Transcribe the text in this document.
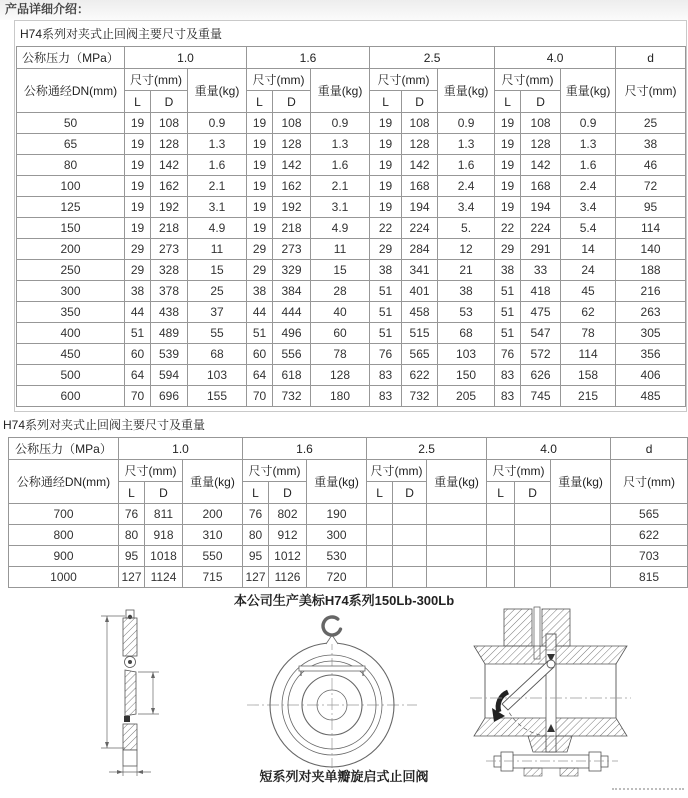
产品详细介绍：
H74系列对夹式止回阀主要尺寸及重量
公称压力（MPa）	1.0			1.6			2.5			4.0			d
公称通经DN(mm)	尺寸(mm)		重量(kg)	尺寸(mm)		重量(kg)	尺寸(mm)		重量(kg)	尺寸(mm)		重量(kg)	尺寸(mm)
	L	D		L	D		L	D		L	D		
50	19	108	0.9	19	108	0.9	19	108	0.9	19	108	0.9	25
65	19	128	1.3	19	128	1.3	19	128	1.3	19	128	1.3	38
80	19	142	1.6	19	142	1.6	19	142	1.6	19	142	1.6	46
100	19	162	2.1	19	162	2.1	19	168	2.4	19	168	2.4	72
125	19	192	3.1	19	192	3.1	19	194	3.4	19	194	3.4	95
150	19	218	4.9	19	218	4.9	22	224	5.	22	224	5.4	114
200	29	273	11	29	273	11	29	284	12	29	291	14	140
250	29	328	15	29	329	15	38	341	21	38	33	24	188
300	38	378	25	38	384	28	51	401	38	51	418	45	216
350	44	438	37	44	444	40	51	458	53	51	475	62	263
400	51	489	55	51	496	60	51	515	68	51	547	78	305
450	60	539	68	60	556	78	76	565	103	76	572	114	356
500	64	594	103	64	618	128	83	622	150	83	626	158	406
600	70	696	155	70	732	180	83	732	205	83	745	215	485
H74系列对夹式止回阀主要尺寸及重量
公称压力（MPa）	1.0			1.6			2.5			4.0			d
公称通经DN(mm)	尺寸(mm)		重量(kg)	尺寸(mm)		重量(kg)	尺寸(mm)		重量(kg)	尺寸(mm)		重量(kg)	尺寸(mm)
	L	D		L	D		L	D		L	D		
700	76	811	200	76	802	190							565
800	80	918	310	80	912	300							622
900	95	1018	550	95	1012	530							703
1000	127	1124	715	127	1126	720							815
本公司生产美标H74系列150Lb-300Lb
短系列对夹单瓣旋启式止回阀
